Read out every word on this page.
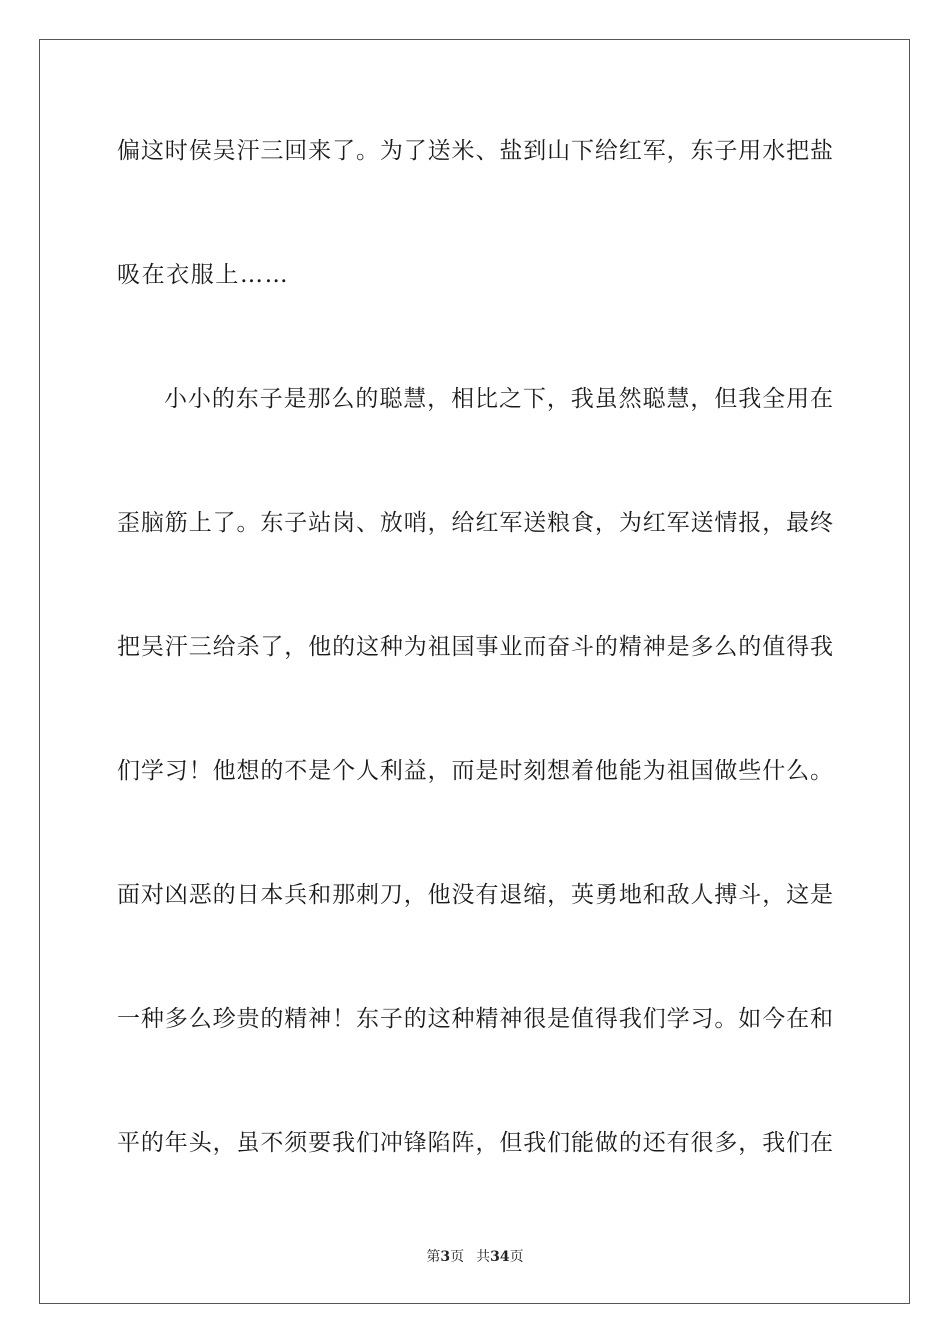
偏这时侯吴汗三回来了。为了送米、盐到山下给红军，东子用水把盐
吸在衣服上……
小小的东子是那么的聪慧，相比之下，我虽然聪慧，但我全用在
歪脑筋上了。东子站岗、放哨，给红军送粮食，为红军送情报，最终
把吴汗三给杀了，他的这种为祖国事业而奋斗的精神是多么的值得我
们学习！他想的不是个人利益，而是时刻想着他能为祖国做些什么。
面对凶恶的日本兵和那刺刀，他没有退缩，英勇地和敌人搏斗，这是
一种多么珍贵的精神！东子的这种精神很是值得我们学习。如今在和
平的年头，虽不须要我们冲锋陷阵，但我们能做的还有很多，我们在
第3页 共34页
